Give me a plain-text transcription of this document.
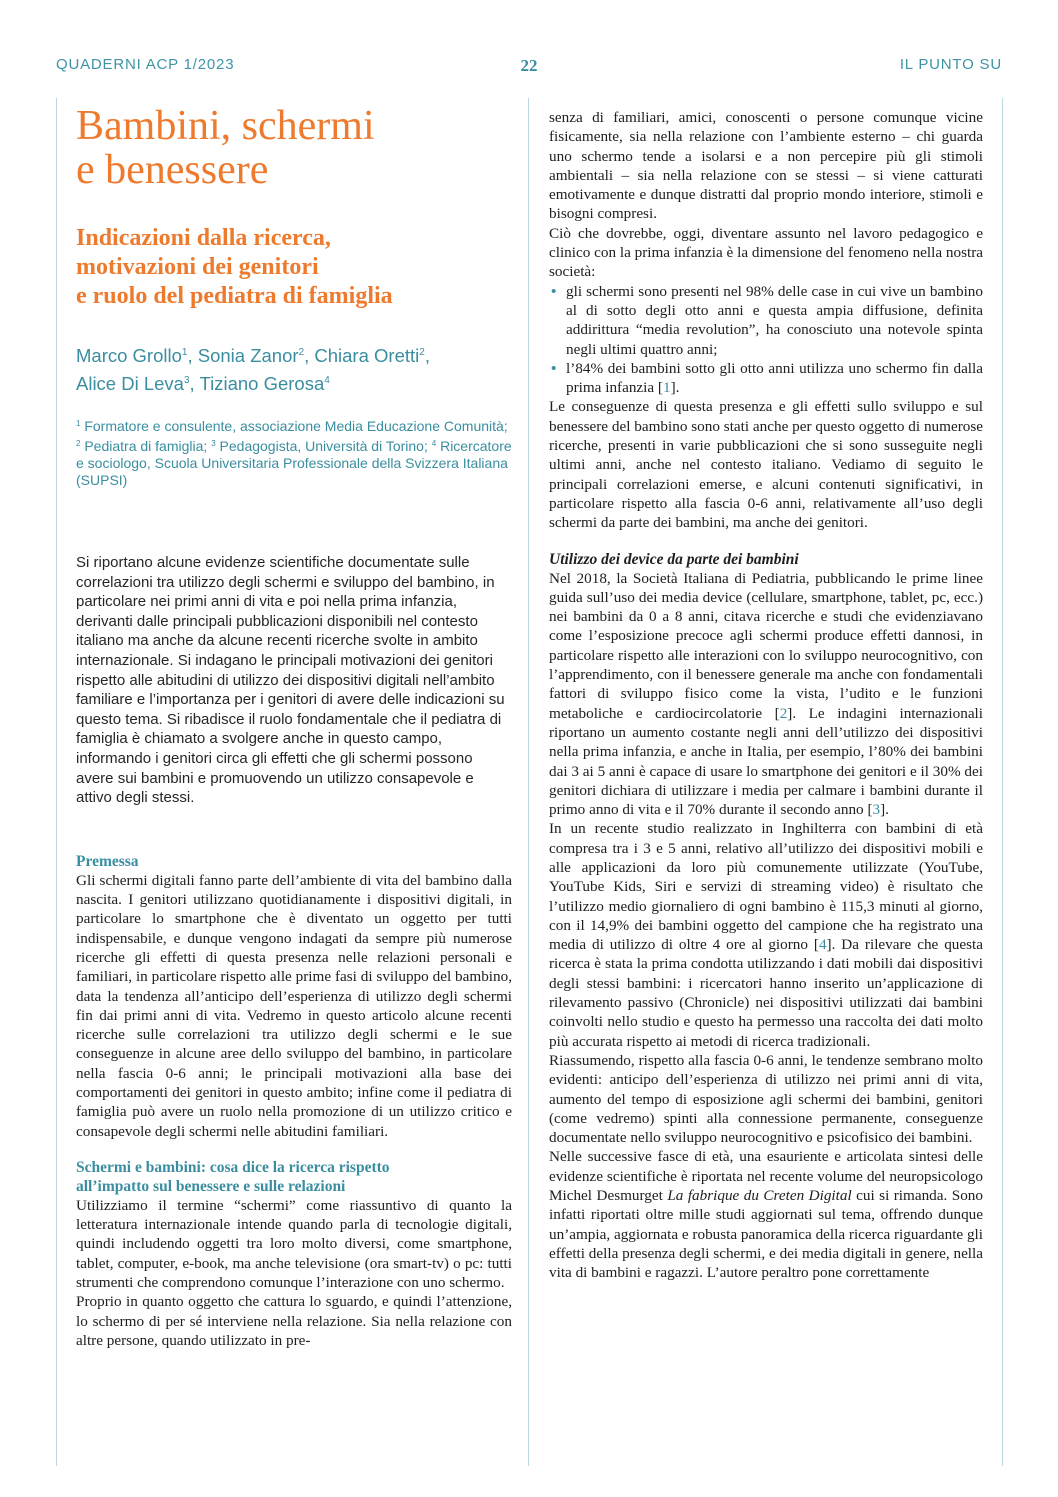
QUADERNI ACP 1/2023	22	IL PUNTO SU
Bambini, schermi
e benessere
Indicazioni dalla ricerca,
motivazioni dei genitori
e ruolo del pediatra di famiglia
Marco Grollo$^1$, Sonia Zanor$^2$, Chiara Oretti$^2$,
Alice Di Leva$^3$, Tiziano Gerosa$^4$
$^1$ Formatore e consulente, associazione Media Educazione Comunità; $^2$ Pediatra di famiglia; $^3$ Pedagogista, Università di Torino; $^4$ Ricercatore e sociologo, Scuola Universitaria Professionale della Svizzera Italiana (SUPSI)
Si riportano alcune evidenze scientifiche documentate sulle correlazioni tra utilizzo degli schermi e sviluppo del bambino, in particolare nei primi anni di vita e poi nella prima infanzia, derivanti dalle principali pubblicazioni disponibili nel contesto italiano ma anche da alcune recenti ricerche svolte in ambito internazionale. Si indagano le principali motivazioni dei genitori rispetto alle abitudini di utilizzo dei dispositivi digitali nell’ambito familiare e l’importanza per i genitori di avere delle indicazioni su questo tema. Si ribadisce il ruolo fondamentale che il pediatra di famiglia è chiamato a svolgere anche in questo campo, informando i genitori circa gli effetti che gli schermi possono avere sui bambini e promuovendo un utilizzo consapevole e attivo degli stessi.
Premessa

Gli schermi digitali fanno parte dell’ambiente di vita del bambino dalla nascita. I genitori utilizzano quotidianamente i dispositivi digitali, in particolare lo smartphone che è diventato un oggetto per tutti indispensabile, e dunque vengono indagati da sempre più numerose ricerche gli effetti di questa presenza nelle relazioni personali e familiari, in particolare rispetto alle prime fasi di sviluppo del bambino, data la tendenza all’anticipo dell’esperienza di utilizzo degli schermi fin dai primi anni di vita. Vedremo in questo articolo alcune recenti ricerche sulle correlazioni tra utilizzo degli schermi e le sue conseguenze in alcune aree dello sviluppo del bambino, in particolare nella fascia 0-6 anni; le principali motivazioni alla base dei comportamenti dei genitori in questo ambito; infine come il pediatra di famiglia può avere un ruolo nella promozione di un utilizzo critico e consapevole degli schermi nelle abitudini familiari.

Schermi e bambini: cosa dice la ricerca rispetto
all’impatto sul benessere e sulle relazioni

Utilizziamo il termine “schermi” come riassuntivo di quanto la letteratura internazionale intende quando parla di tecnologie digitali, quindi includendo oggetti tra loro molto diversi, come smartphone, tablet, computer, e-book, ma anche televisione (ora smart-tv) o pc: tutti strumenti che comprendono comunque l’interazione con uno schermo.

Proprio in quanto oggetto che cattura lo sguardo, e quindi l’attenzione, lo schermo di per sé interviene nella relazione. Sia nella relazione con altre persone, quando utilizzato in pre-

senza di familiari, amici, conoscenti o persone comunque vicine fisicamente, sia nella relazione con l’ambiente esterno – chi guarda uno schermo tende a isolarsi e a non percepire più gli stimoli ambientali – sia nella relazione con se stessi – si viene catturati emotivamente e dunque distratti dal proprio mondo interiore, stimoli e bisogni compresi.

Ciò che dovrebbe, oggi, diventare assunto nel lavoro pedagogico e clinico con la prima infanzia è la dimensione del fenomeno nella nostra società:

• gli schermi sono presenti nel 98% delle case in cui vive un bambino al di sotto degli otto anni e questa ampia diffusione, definita addirittura “media revolution”, ha conosciuto una notevole spinta negli ultimi quattro anni;
• l’84% dei bambini sotto gli otto anni utilizza uno schermo fin dalla prima infanzia [1].

Le conseguenze di questa presenza e gli effetti sullo sviluppo e sul benessere del bambino sono stati anche per questo oggetto di numerose ricerche, presenti in varie pubblicazioni che si sono susseguite negli ultimi anni, anche nel contesto italiano. Vediamo di seguito le principali correlazioni emerse, e alcuni contenuti significativi, in particolare rispetto alla fascia 0-6 anni, relativamente all’uso degli schermi da parte dei bambini, ma anche dei genitori.

Utilizzo dei device da parte dei bambini

Nel 2018, la Società Italiana di Pediatria, pubblicando le prime linee guida sull’uso dei media device (cellulare, smartphone, tablet, pc, ecc.) nei bambini da 0 a 8 anni, citava ricerche e studi che evidenziavano come l’esposizione precoce agli schermi produce effetti dannosi, in particolare rispetto alle interazioni con lo sviluppo neurocognitivo, con l’apprendimento, con il benessere generale ma anche con fondamentali fattori di sviluppo fisico come la vista, l’udito e le funzioni metaboliche e cardiocircolatorie [2]. Le indagini internazionali riportano un aumento costante negli anni dell’utilizzo dei dispositivi nella prima infanzia, e anche in Italia, per esempio, l’80% dei bambini dai 3 ai 5 anni è capace di usare lo smartphone dei genitori e il 30% dei genitori dichiara di utilizzare i media per calmare i bambini durante il primo anno di vita e il 70% durante il secondo anno [3].

In un recente studio realizzato in Inghilterra con bambini di età compresa tra i 3 e 5 anni, relativo all’utilizzo dei dispositivi mobili e alle applicazioni da loro più comunemente utilizzate (YouTube, YouTube Kids, Siri e servizi di streaming video) è risultato che l’utilizzo medio giornaliero di ogni bambino è 115,3 minuti al giorno, con il 14,9% dei bambini oggetto del campione che ha registrato una media di utilizzo di oltre 4 ore al giorno [4]. Da rilevare che questa ricerca è stata la prima condotta utilizzando i dati mobili dai dispositivi degli stessi bambini: i ricercatori hanno inserito un’applicazione di rilevamento passivo (Chronicle) nei dispositivi utilizzati dai bambini coinvolti nello studio e questo ha permesso una raccolta dei dati molto più accurata rispetto ai metodi di ricerca tradizionali.

Riassumendo, rispetto alla fascia 0-6 anni, le tendenze sembrano molto evidenti: anticipo dell’esperienza di utilizzo nei primi anni di vita, aumento del tempo di esposizione agli schermi dei bambini, genitori (come vedremo) spinti alla connessione permanente, conseguenze documentate nello sviluppo neurocognitivo e psicofisico dei bambini.

Nelle successive fasce di età, una esauriente e articolata sintesi delle evidenze scientifiche è riportata nel recente volume del neuropsicologo Michel Desmurget La fabrique du Creten Digital cui si rimanda. Sono infatti riportati oltre mille studi aggiornati sul tema, offrendo dunque un’ampia, aggiornata e robusta panoramica della ricerca riguardante gli effetti della presenza degli schermi, e dei media digitali in genere, nella vita di bambini e ragazzi. L’autore peraltro pone correttamente
